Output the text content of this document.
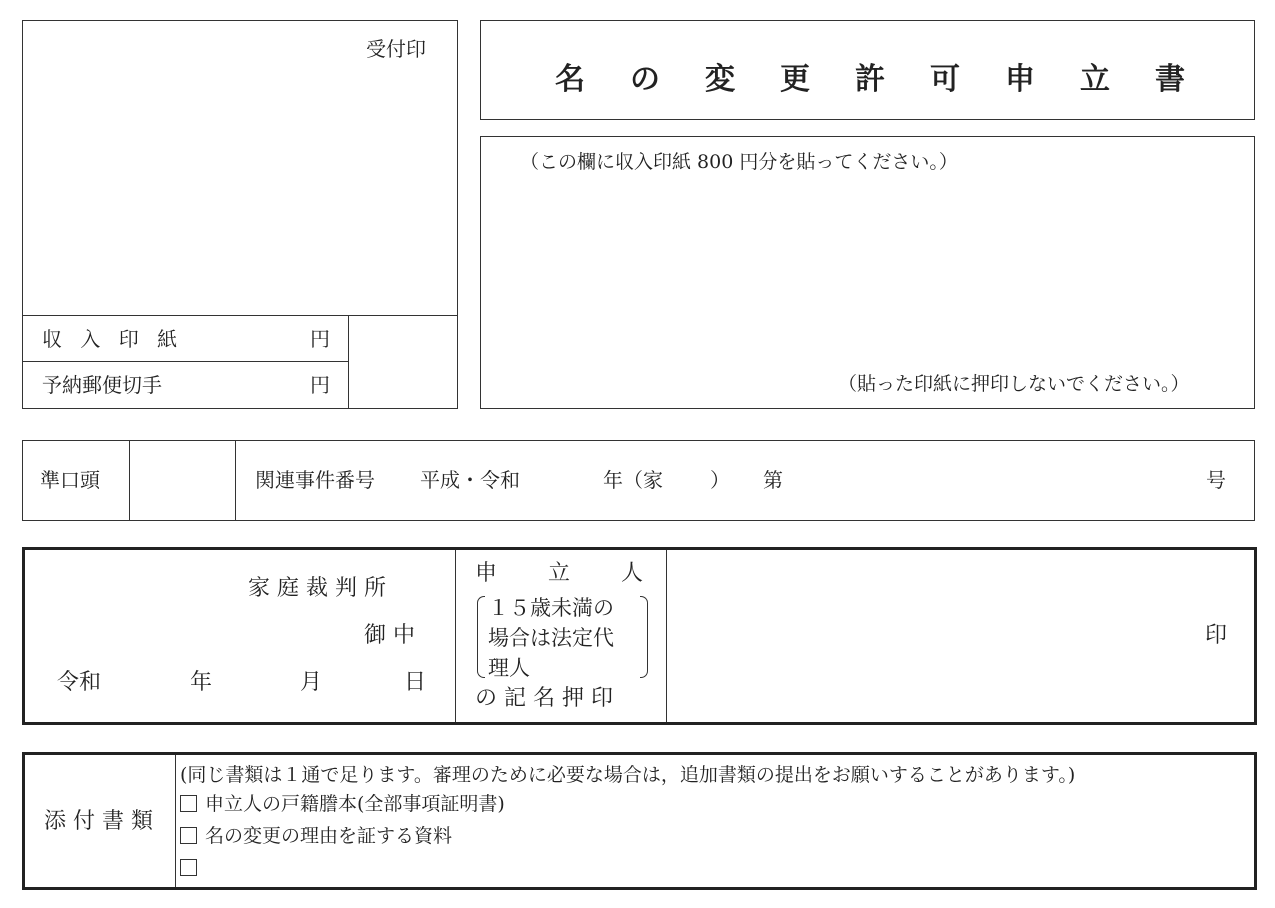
受付印
収 入 印 紙	円
予納郵便切手	円
名 の 変 更 許 可 申 立 書
（この欄に収入印紙 800 円分を貼ってください。）
（貼った印紙に押印しないでください。）
準口頭	関連事件番号 平成・令和	年（家 ） 第	号
家 庭 裁 判 所
御 中
令和	年	月	日
申 立 人
１５歳未満の
場合は法定代
理人
の 記 名 押 印
印
添 付 書 類
(同じ書類は１通で足ります。審理のために必要な場合は，追加書類の提出をお願いすることがあります。)
申立人の戸籍謄本(全部事項証明書)
名の変更の理由を証する資料
